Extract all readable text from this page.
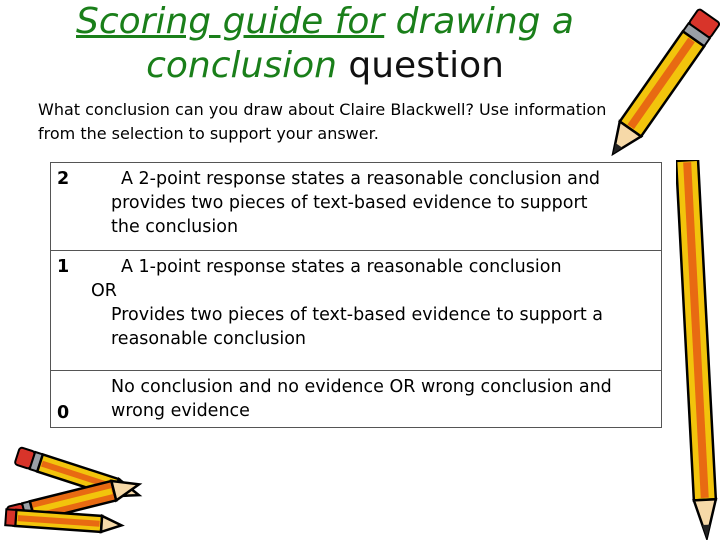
Scoring guide for drawing a conclusion question
What conclusion can you draw about Claire Blackwell? Use information from the selection to support your answer.
2	A 2-point response states a reasonable conclusion and
provides two pieces of text-based evidence to support
the conclusion

1	A 1-point response states a reasonable conclusion
OR
Provides two pieces of text-based evidence to support a
reasonable conclusion

0	No conclusion and no evidence OR wrong conclusion and
wrong evidence
